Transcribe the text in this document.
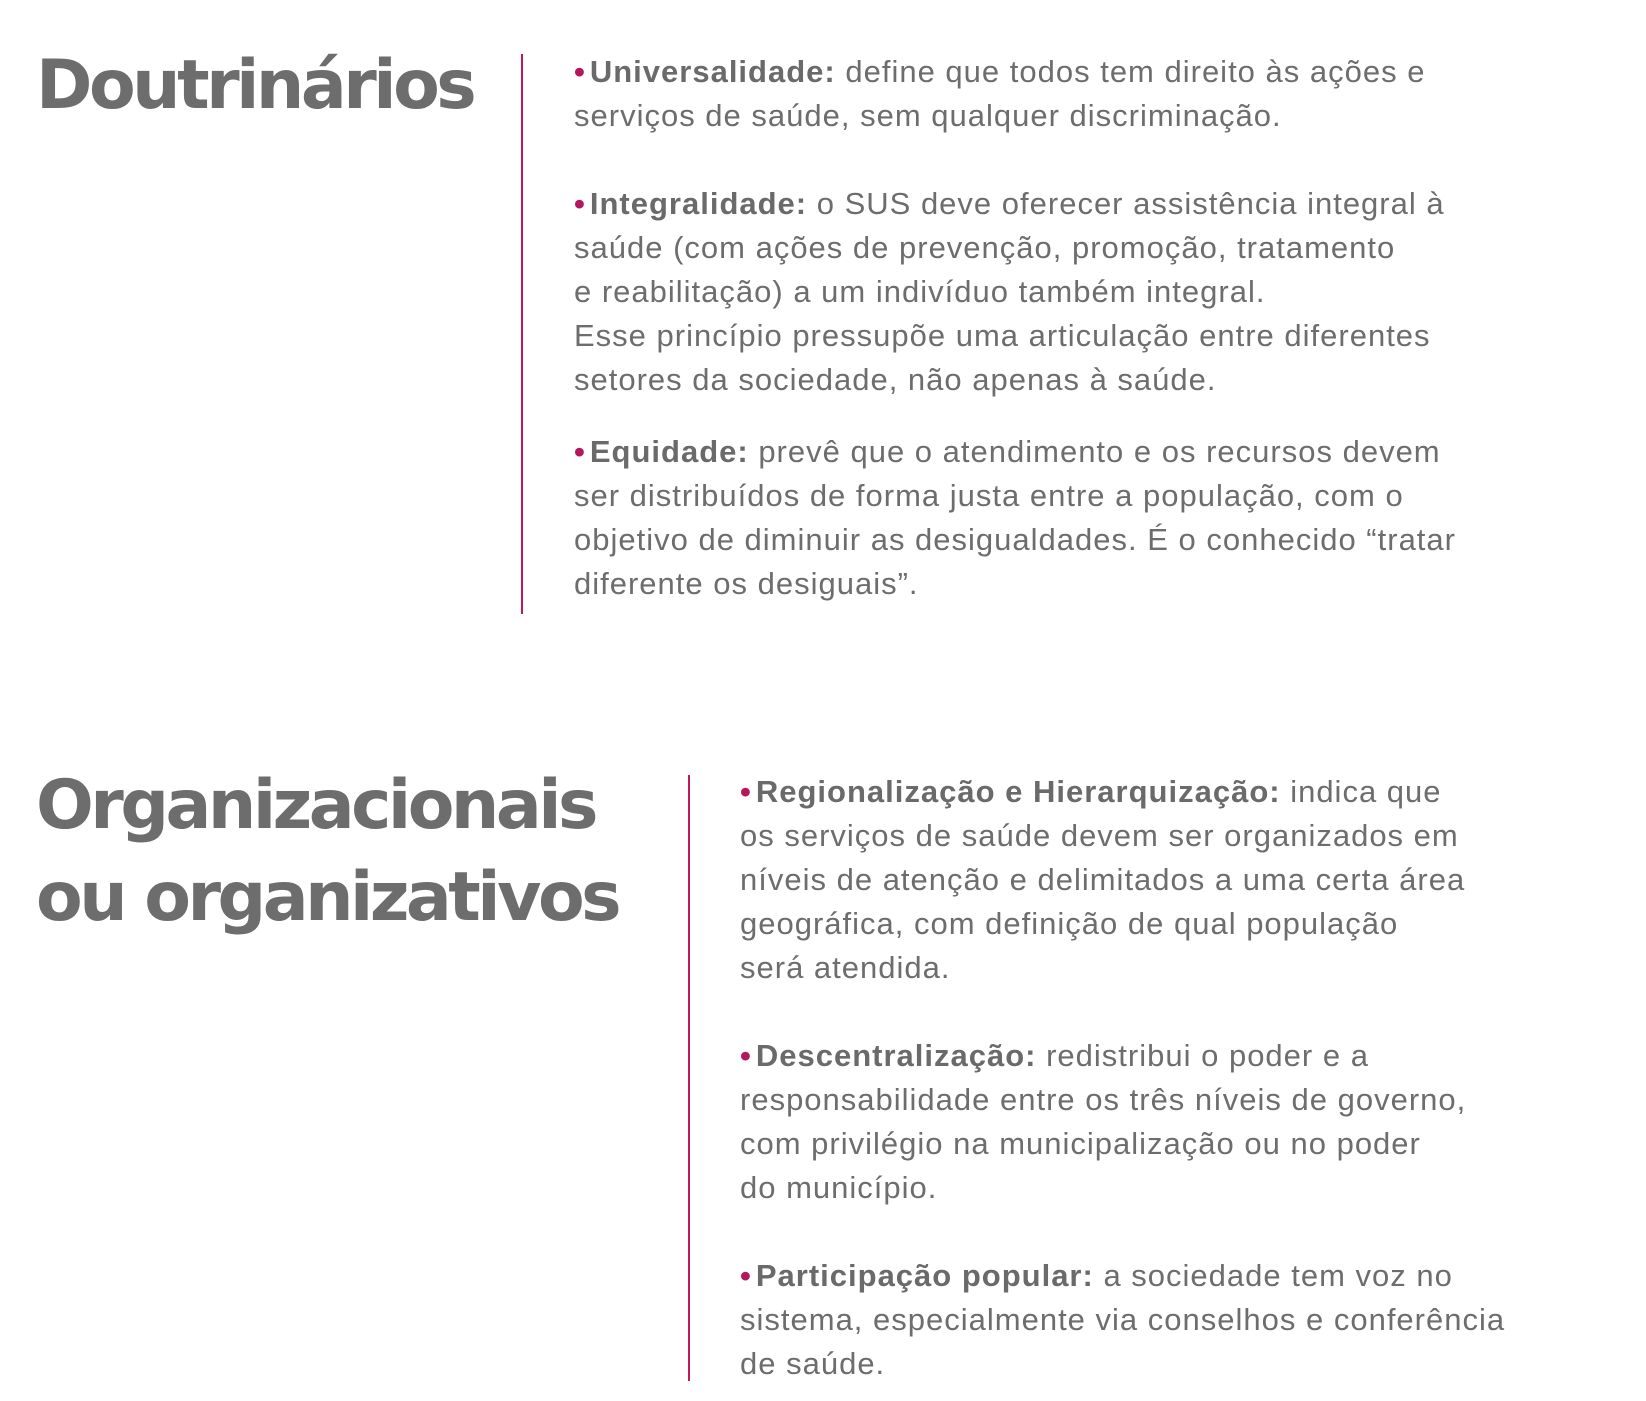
Doutrinários	• Universalidade: define que todos tem direito às ações e
serviços de saúde, sem qualquer discriminação.
• Integralidade: o SUS deve oferecer assistência integral à
saúde (com ações de prevenção, promoção, tratamento
e reabilitação) a um indivíduo também integral.
Esse princípio pressupõe uma articulação entre diferentes
setores da sociedade, não apenas à saúde.
• Equidade: prevê que o atendimento e os recursos devem
ser distribuídos de forma justa entre a população, com o
objetivo de diminuir as desigualdades. É o conhecido “tratar
diferente os desiguais”.
Organizacionais
ou organizativos
• Regionalização e Hierarquização: indica que
os serviços de saúde devem ser organizados em
níveis de atenção e delimitados a uma certa área
geográfica, com definição de qual população
será atendida.
• Descentralização: redistribui o poder e a
responsabilidade entre os três níveis de governo,
com privilégio na municipalização ou no poder
do município.
• Participação popular: a sociedade tem voz no
sistema, especialmente via conselhos e conferência
de saúde.
